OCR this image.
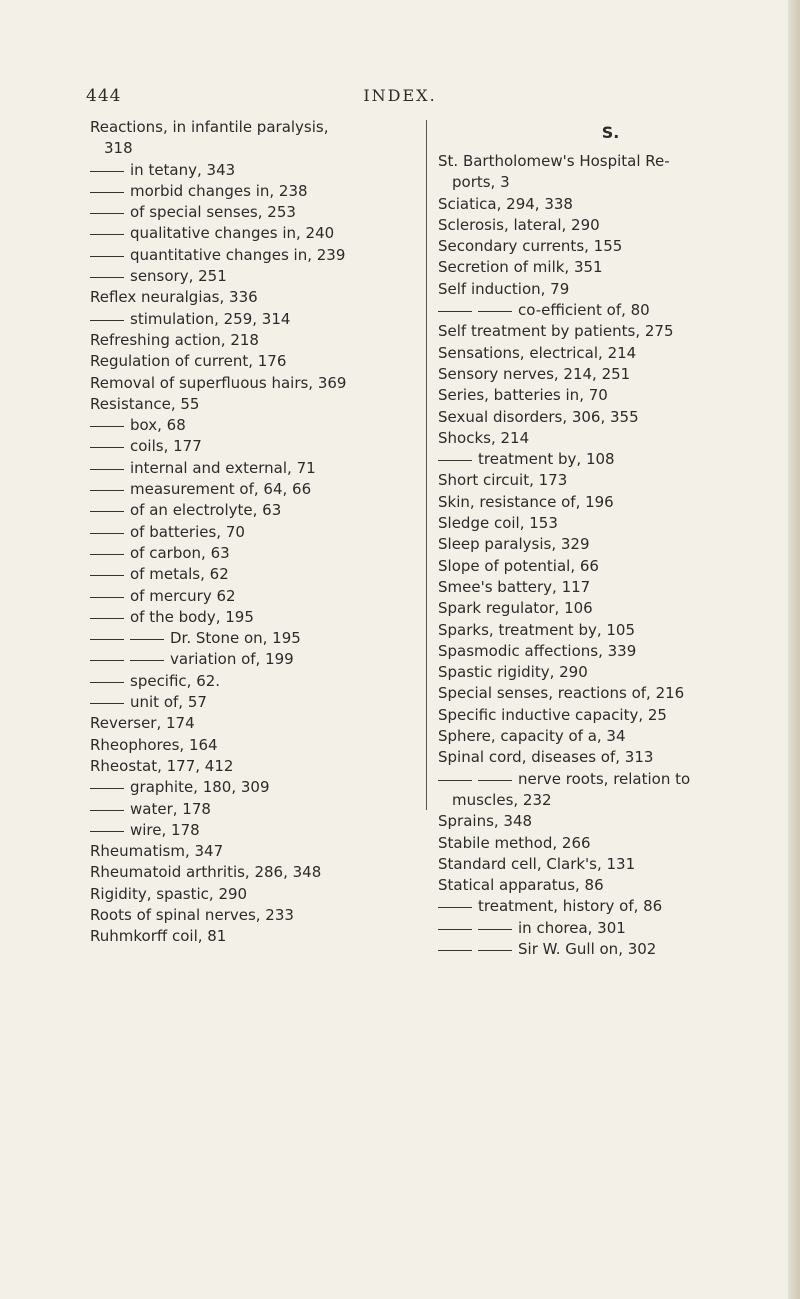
444	INDEX.
Reactions, in infantile paralysis,
318
in tetany, 343
morbid changes in, 238
of special senses, 253
qualitative changes in, 240
quantitative changes in, 239
sensory, 251
Reflex neuralgias, 336
stimulation, 259, 314
Refreshing action, 218
Regulation of current, 176
Removal of superfluous hairs, 369
Resistance, 55
box, 68
coils, 177
internal and external, 71
measurement of, 64, 66
of an electrolyte, 63
of batteries, 70
of carbon, 63
of metals, 62
of mercury 62
of the body, 195
Dr. Stone on, 195
variation of, 199
specific, 62.
unit of, 57
Reverser, 174
Rheophores, 164
Rheostat, 177, 412
graphite, 180, 309
water, 178
wire, 178
Rheumatism, 347
Rheumatoid arthritis, 286, 348
Rigidity, spastic, 290
Roots of spinal nerves, 233
Ruhmkorff coil, 81
S.
St. Bartholomew's Hospital Re-
ports, 3
Sciatica, 294, 338
Sclerosis, lateral, 290
Secondary currents, 155
Secretion of milk, 351
Self induction, 79
co-efficient of, 80
Self treatment by patients, 275
Sensations, electrical, 214
Sensory nerves, 214, 251
Series, batteries in, 70
Sexual disorders, 306, 355
Shocks, 214
treatment by, 108
Short circuit, 173
Skin, resistance of, 196
Sledge coil, 153
Sleep paralysis, 329
Slope of potential, 66
Smee's battery, 117
Spark regulator, 106
Sparks, treatment by, 105
Spasmodic affections, 339
Spastic rigidity, 290
Special senses, reactions of, 216
Specific inductive capacity, 25
Sphere, capacity of a, 34
Spinal cord, diseases of, 313
nerve roots, relation to
muscles, 232
Sprains, 348
Stabile method, 266
Standard cell, Clark's, 131
Statical apparatus, 86
treatment, history of, 86
in chorea, 301
Sir W. Gull on, 302
